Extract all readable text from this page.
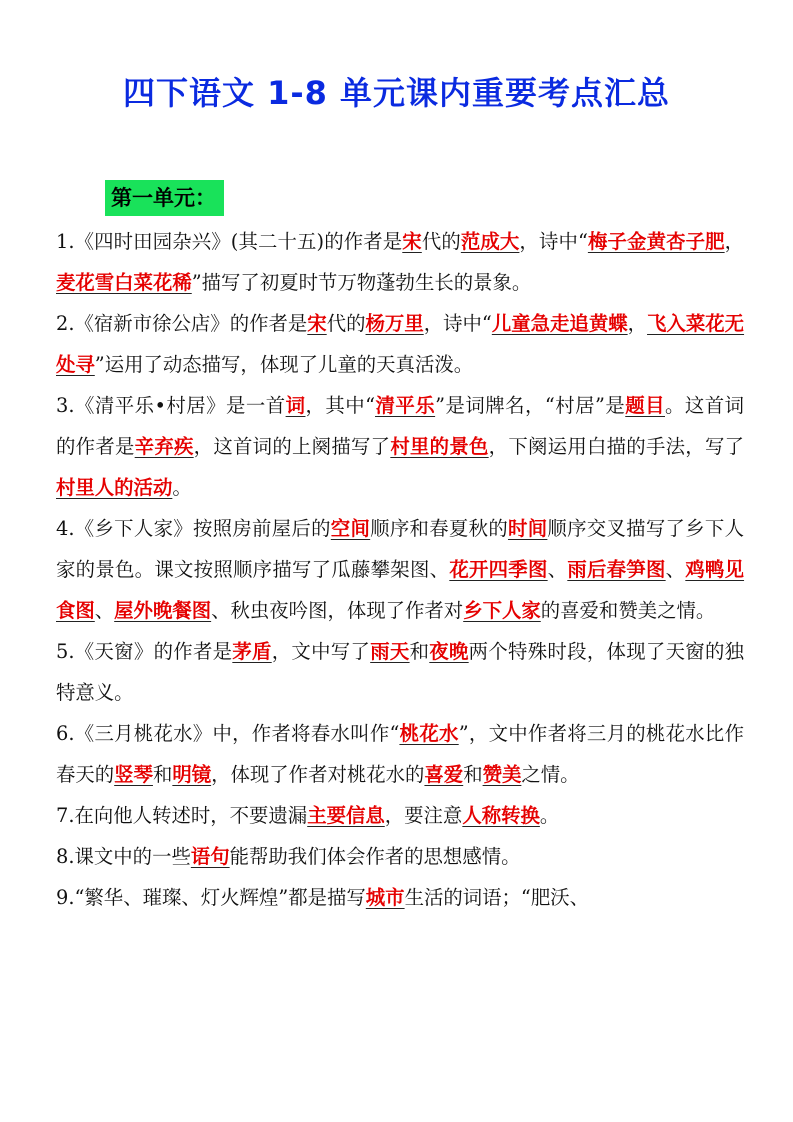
四下语文 1-8 单元课内重要考点汇总
第一单元：

1.《四时田园杂兴》(其二十五)的作者是宋代的范成大，诗中“梅子金黄杏子肥，麦花雪白菜花稀”描写了初夏时节万物蓬勃生长的景象。

2.《宿新市徐公店》的作者是宋代的杨万里，诗中“儿童急走追黄蝶，飞入菜花无处寻”运用了动态描写，体现了儿童的天真活泼。

3.《清平乐•村居》是一首词，其中“清平乐”是词牌名，“村居”是题目。这首词的作者是辛弃疾，这首词的上阕描写了村里的景色，下阕运用白描的手法，写了村里人的活动。

4.《乡下人家》按照房前屋后的空间顺序和春夏秋的时间顺序交叉描写了乡下人家的景色。课文按照顺序描写了瓜藤攀架图、花开四季图、雨后春笋图、鸡鸭见食图、屋外晚餐图、秋虫夜吟图，体现了作者对乡下人家的喜爱和赞美之情。

5.《天窗》的作者是茅盾，文中写了雨天和夜晚两个特殊时段，体现了天窗的独特意义。

6.《三月桃花水》中，作者将春水叫作“桃花水”，文中作者将三月的桃花水比作春天的竖琴和明镜，体现了作者对桃花水的喜爱和赞美之情。

7.在向他人转述时，不要遗漏主要信息，要注意人称转换。

8.课文中的一些语句能帮助我们体会作者的思想感情。

9.“繁华、璀璨、灯火辉煌”都是描写城市生活的词语；“肥沃、
